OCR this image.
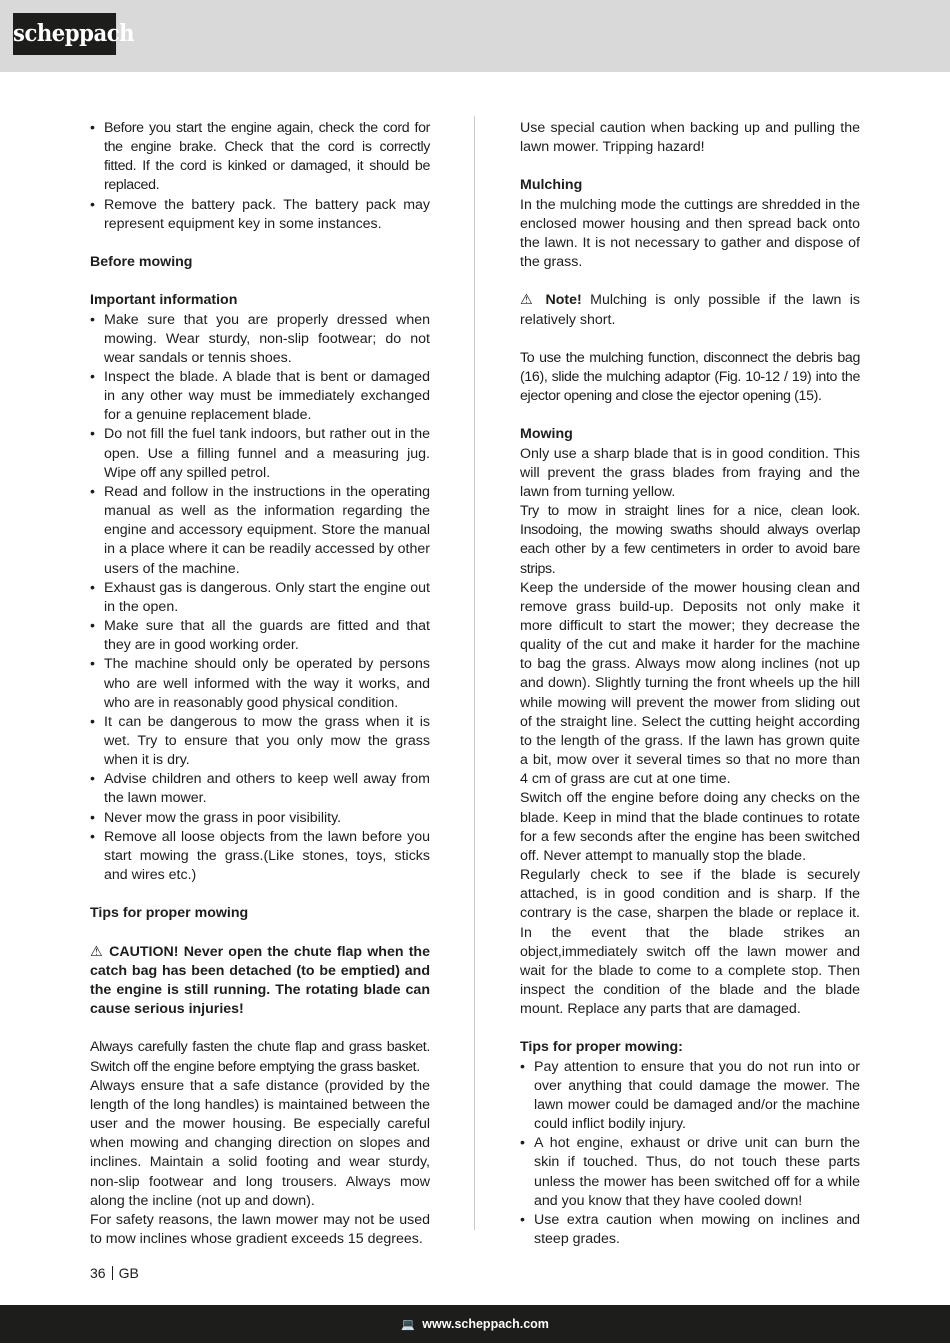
scheppach
• Before you start the engine again, check the cord for the engine brake. Check that the cord is correctly fitted. If the cord is kinked or damaged, it should be replaced.
• Remove the battery pack. The battery pack may represent equipment key in some instances.

Before mowing

Important information

• Make sure that you are properly dressed when mowing. Wear sturdy, non-slip footwear; do not wear sandals or tennis shoes.
• Inspect the blade. A blade that is bent or damaged in any other way must be immediately exchanged for a genuine replacement blade.
• Do not fill the fuel tank indoors, but rather out in the open. Use a filling funnel and a measuring jug. Wipe off any spilled petrol.
• Read and follow in the instructions in the operating manual as well as the information regarding the engine and accessory equipment. Store the manual in a place where it can be readily accessed by other users of the machine.
• Exhaust gas is dangerous. Only start the engine out in the open.
• Make sure that all the guards are fitted and that they are in good working order.
• The machine should only be operated by persons who are well informed with the way it works, and who are in reasonably good physical condition.
• It can be dangerous to mow the grass when it is wet. Try to ensure that you only mow the grass when it is dry.
• Advise children and others to keep well away from the lawn mower.
• Never mow the grass in poor visibility.
• Remove all loose objects from the lawn before you start mowing the grass.(Like stones, toys, sticks and wires etc.)

Tips for proper mowing

⚠ CAUTION! Never open the chute flap when the catch bag has been detached (to be emptied) and the engine is still running. The rotating blade can cause serious injuries!

Always carefully fasten the chute flap and grass basket. Switch off the engine before emptying the grass basket.

Always ensure that a safe distance (provided by the length of the long handles) is maintained between the user and the mower housing. Be especially careful when mowing and changing direction on slopes and inclines. Maintain a solid footing and wear sturdy, non-slip footwear and long trousers. Always mow along the incline (not up and down).

For safety reasons, the lawn mower may not be used to mow inclines whose gradient exceeds 15 degrees.

Use special caution when backing up and pulling the lawn mower. Tripping hazard!

Mulching

In the mulching mode the cuttings are shredded in the enclosed mower housing and then spread back onto the lawn. It is not necessary to gather and dispose of the grass.

⚠ Note! Mulching is only possible if the lawn is relatively short.

To use the mulching function, disconnect the debris bag (16), slide the mulching adaptor (Fig. 10-12 / 19) into the ejector opening and close the ejector opening (15).

Mowing

Only use a sharp blade that is in good condition. This will prevent the grass blades from fraying and the lawn from turning yellow.

Try to mow in straight lines for a nice, clean look. Insodoing, the mowing swaths should always overlap each other by a few centimeters in order to avoid bare strips.

Keep the underside of the mower housing clean and remove grass build-up. Deposits not only make it more difficult to start the mower; they decrease the quality of the cut and make it harder for the machine to bag the grass. Always mow along inclines (not up and down). Slightly turning the front wheels up the hill while mowing will prevent the mower from sliding out of the straight line. Select the cutting height according to the length of the grass. If the lawn has grown quite a bit, mow over it several times so that no more than 4 cm of grass are cut at one time.

Switch off the engine before doing any checks on the blade. Keep in mind that the blade continues to rotate for a few seconds after the engine has been switched off. Never attempt to manually stop the blade.

Regularly check to see if the blade is securely attached, is in good condition and is sharp. If the contrary is the case, sharpen the blade or replace it. In the event that the blade strikes an object,immediately switch off the lawn mower and wait for the blade to come to a complete stop. Then inspect the condition of the blade and the blade mount. Replace any parts that are damaged.

Tips for proper mowing:

• Pay attention to ensure that you do not run into or over anything that could damage the mower. The lawn mower could be damaged and/or the machine could inflict bodily injury.
• A hot engine, exhaust or drive unit can burn the skin if touched. Thus, do not touch these parts unless the mower has been switched off for a while and you know that they have cooled down!
• Use extra caution when mowing on inclines and steep grades.
36 GB
💻 www.scheppach.com
